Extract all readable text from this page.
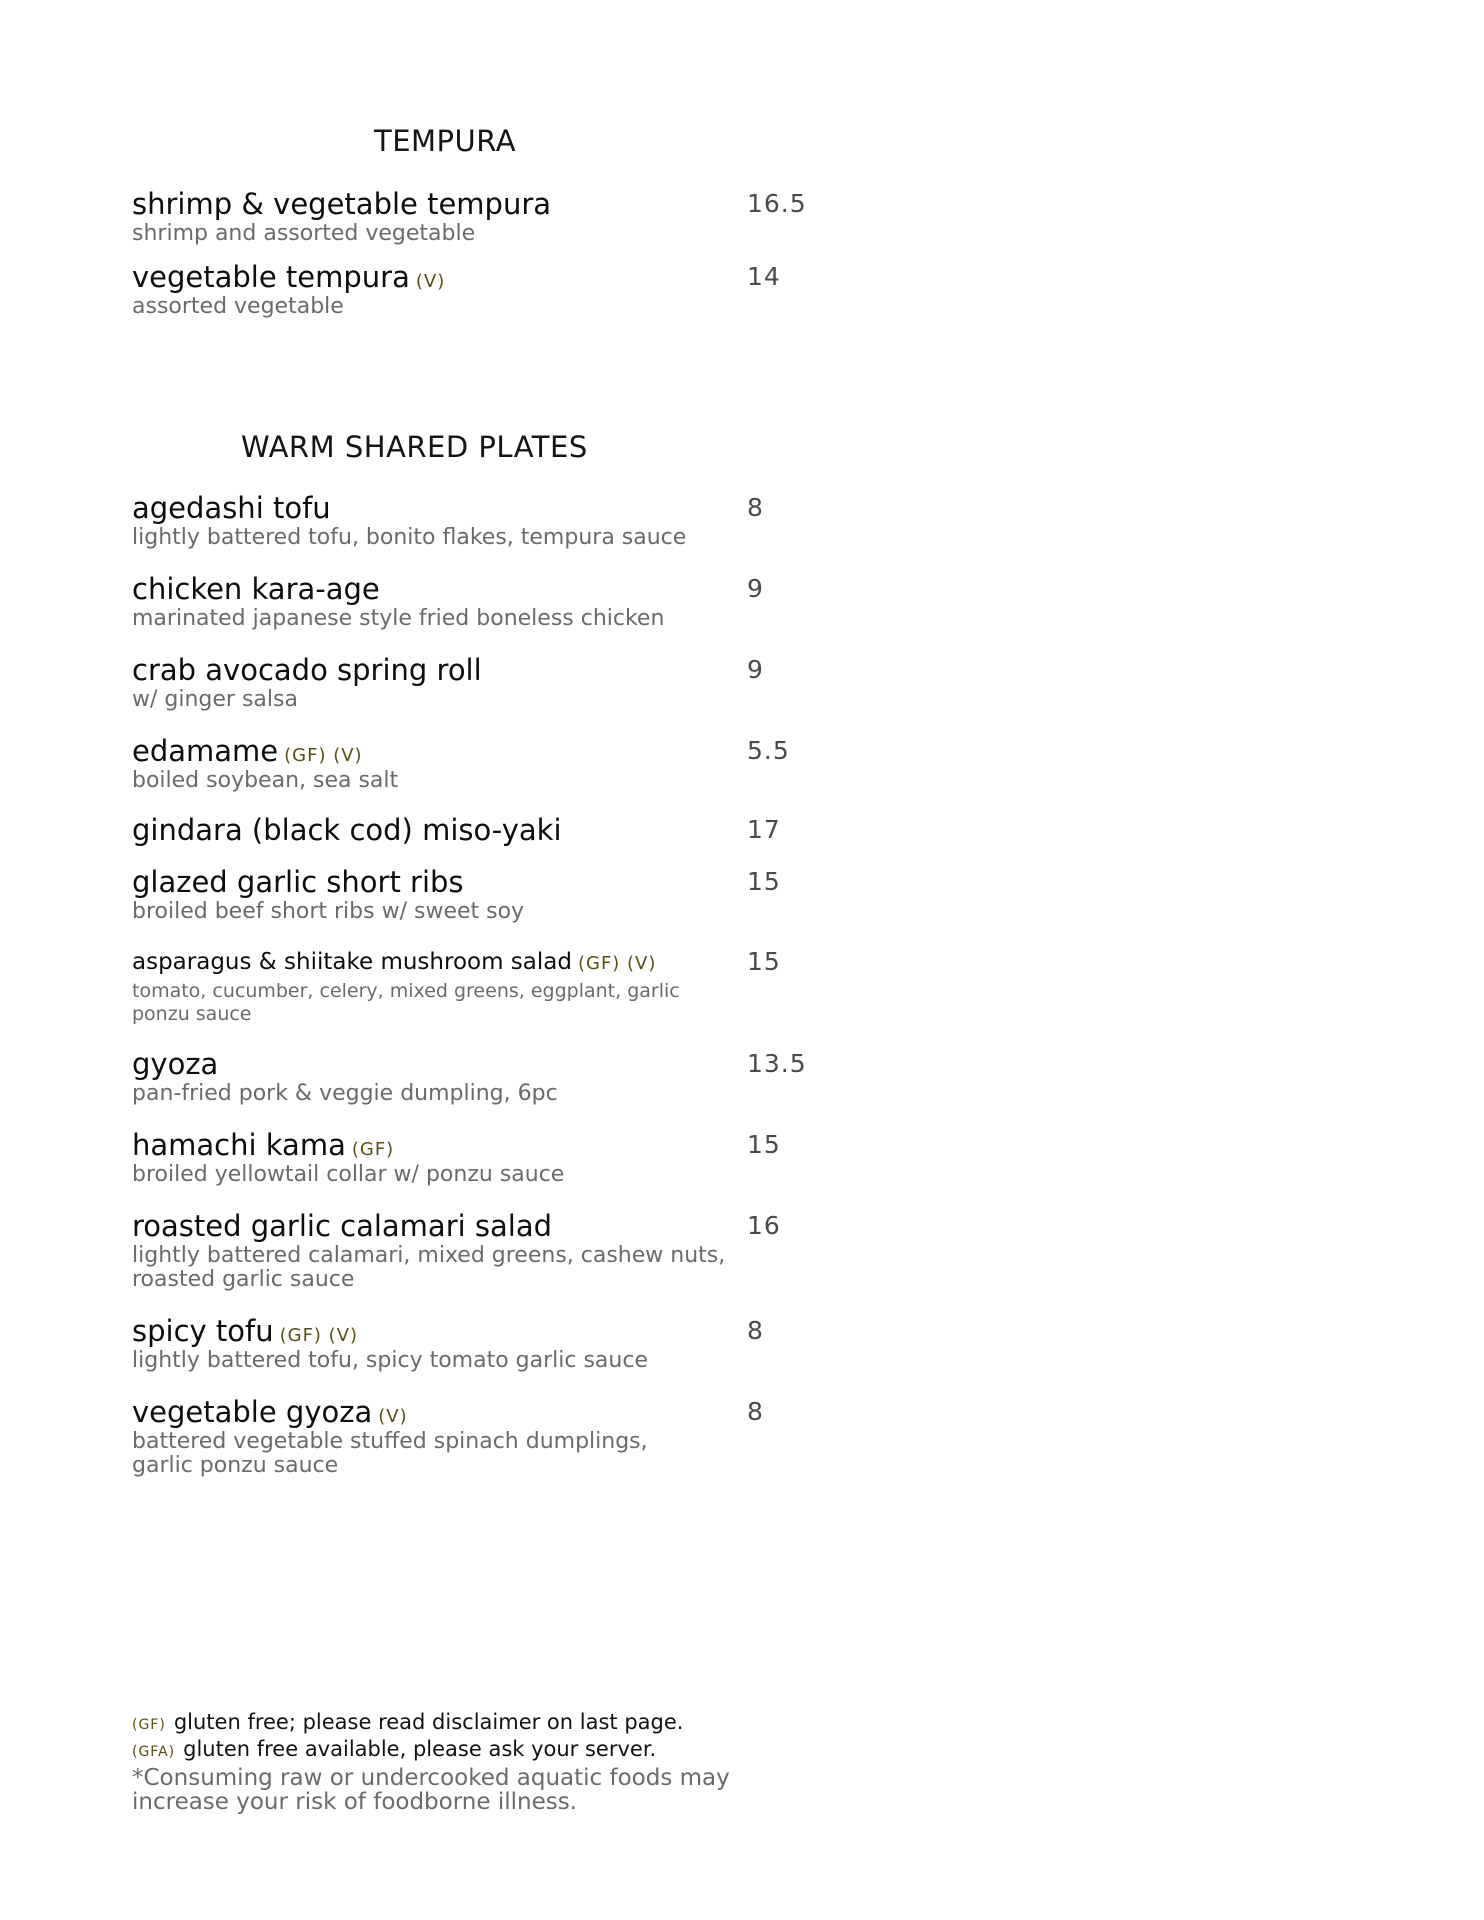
TEMPURA
shrimp & vegetable tempura	16.5
shrimp and assorted vegetable
vegetable tempura (V)	14
assorted vegetable
WARM SHARED PLATES
agedashi tofu	8
lightly battered tofu, bonito flakes, tempura sauce
chicken kara-age	9
marinated japanese style fried boneless chicken
crab avocado spring roll	9
w/ ginger salsa
edamame (GF) (V)	5.5
boiled soybean, sea salt
gindara (black cod) miso-yaki	17
glazed garlic short ribs	15
broiled beef short ribs w/ sweet soy
asparagus & shiitake mushroom salad (GF) (V)	15
tomato, cucumber, celery, mixed greens, eggplant, garlic
ponzu sauce
gyoza	13.5
pan-fried pork & veggie dumpling, 6pc
hamachi kama (GF)	15
broiled yellowtail collar w/ ponzu sauce
roasted garlic calamari salad	16
lightly battered calamari, mixed greens, cashew nuts,
roasted garlic sauce
spicy tofu (GF) (V)	8
lightly battered tofu, spicy tomato garlic sauce
vegetable gyoza (V)	8
battered vegetable stuffed spinach dumplings,
garlic ponzu sauce
(GF) gluten free; please read disclaimer on last page.
(GFA) gluten free available, please ask your server.
*Consuming raw or undercooked aquatic foods may increase your risk of foodborne illness.
